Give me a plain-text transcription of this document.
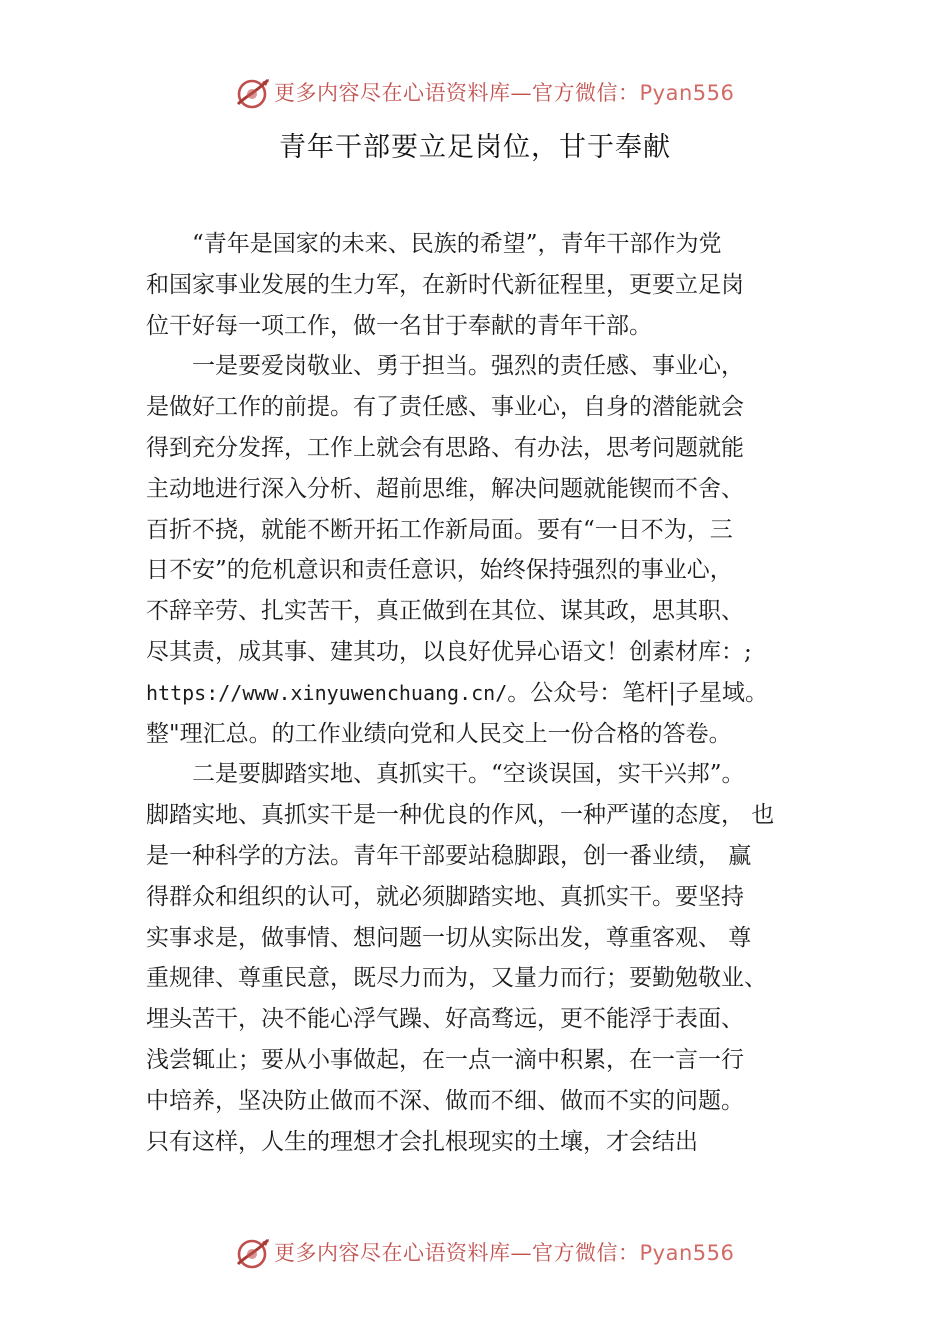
更多内容尽在心语资料库—官方微信：Pyan556
青年干部要立足岗位，甘于奉献
“青年是国家的未来、民族的希望”，青年干部作为党
和国家事业发展的生力军，在新时代新征程里，更要立足岗
位干好每一项工作，做一名甘于奉献的青年干部。
一是要爱岗敬业、勇于担当。强烈的责任感、事业心，
是做好工作的前提。有了责任感、事业心，自身的潜能就会
得到充分发挥，工作上就会有思路、有办法，思考问题就能
主动地进行深入分析、超前思维，解决问题就能锲而不舍、
百折不挠，就能不断开拓工作新局面。要有“一日不为，三
日不安”的危机意识和责任意识，始终保持强烈的事业心，
不辞辛劳、扎实苦干，真正做到在其位、谋其政，思其职、
尽其责，成其事、建其功，以良好优异心语文！创素材库：;
https://www.xinyuwenchuang.cn/。公众号：笔杆|子星域。
整"理汇总。的工作业绩向党和人民交上一份合格的答卷。
二是要脚踏实地、真抓实干。“空谈误国，实干兴邦”。
脚踏实地、真抓实干是一种优良的作风，一种严谨的态度， 也
是一种科学的方法。青年干部要站稳脚跟，创一番业绩， 赢
得群众和组织的认可，就必须脚踏实地、真抓实干。要坚持
实事求是，做事情、想问题一切从实际出发，尊重客观、 尊
重规律、尊重民意，既尽力而为，又量力而行；要勤勉敬业、
埋头苦干，决不能心浮气躁、好高骛远，更不能浮于表面、
浅尝辄止；要从小事做起，在一点一滴中积累，在一言一行
中培养，坚决防止做而不深、做而不细、做而不实的问题。
只有这样，人生的理想才会扎根现实的土壤，才会结出
更多内容尽在心语资料库—官方微信：Pyan556
